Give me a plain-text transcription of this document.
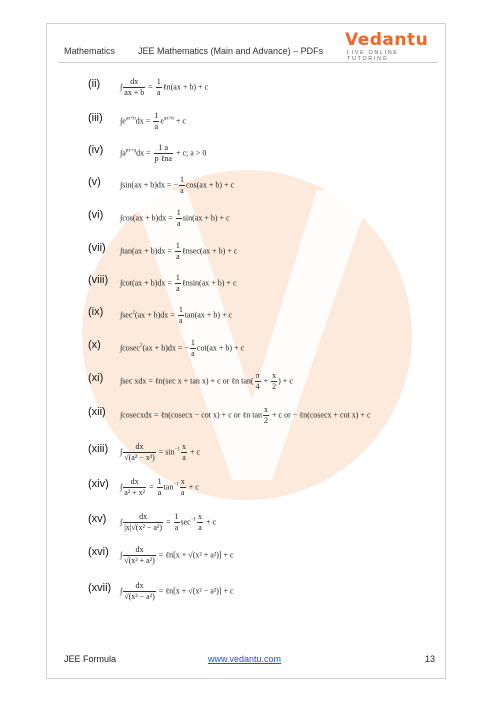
Mathematics	JEE Mathematics (Main and Advance) – PDFs
Vedantu
LIVE ONLINE TUTORING
(ii) ∫ $\frac{dx}{ax + b} = \frac{1}{a}$ ℓn(ax + b) + c
(iii) $\int e^{ax+b}dx = \frac{1}{a} e^{ax+b} + c$
(iv) $\int a^{px+q}dx = \frac{1 a}{\text{p ℓna}} + c$; a > 0
(v) ∫sin(ax + b)dx = − $\frac{1}{a} \cos(ax + b) + c$
(vi) $\int\cos(ax + b)dx = \frac{1}{a} \sin(ax + b) + c$
(vii) $\int\tan(ax + b)dx = \frac{1}{a}$ ℓnsec(ax + b) + c
(viii) $\int\cot(ax + b)dx = \frac{1}{a}$ ℓnsin(ax + b) + c
(ix) $\int\sec^2(ax + b)dx = \frac{1}{a} \tan(ax + b) + c$
(x) ∫cosec$^2$(ax + b)dx = − $\frac{1}{a} \cot(ax + b) + c$
(xi) ∫sec xdx = ℓn(sec x + tan x) + c or ℓn $\tan( \frac{\pi}{4} + \frac{x}{2}$ ) + c
(xii) ∫cosecxdx = ℓn(cosecx − cot x) + c or ℓn $\tan \frac{x}{2} + c$ or − ℓn(cosecx + cot x) + c
(xiii) ∫ $\frac{dx}{\text{√(a² − x²)}} = \sin^{-1} \frac{x}{a} + c$
(xiv) ∫ $\frac{dx}{\text{a² + x²}} = \frac{1}{a} \tan^{-1} \frac{x}{a} + c$
(xv) ∫ $\frac{dx}{\text{|x|√(x² − a²)}} = \frac{1}{a} \sec^{-1} \frac{x}{a} + c$
(xvi) ∫ $\frac{dx}{\text{√(x² + a²)}}$ = ℓn[x + √(x² + a²)] + c
(xvii) ∫ $\frac{dx}{\text{√(x² − a²)}}$ = ℓn[x + √(x² − a²)] + c
JEE Formula	www.vedantu.com	13
